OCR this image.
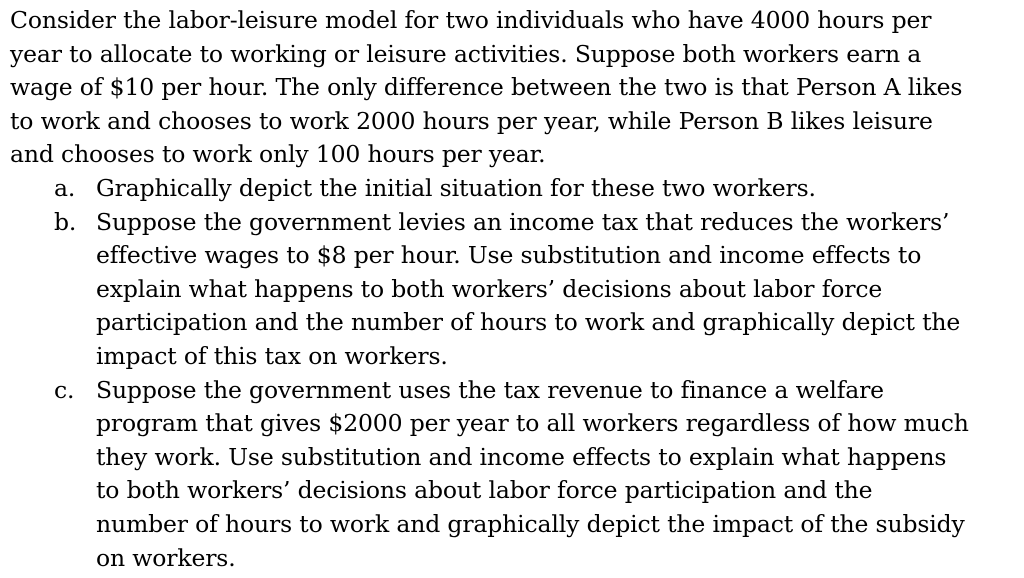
Consider the labor-leisure model for two individuals who have 4000 hours per
year to allocate to working or leisure activities. Suppose both workers earn a
wage of $10 per hour. The only difference between the two is that Person A likes
to work and chooses to work 2000 hours per year, while Person B likes leisure
and chooses to work only 100 hours per year.

a. Graphically depict the initial situation for these two workers.
b. Suppose the government levies an income tax that reduces the workers’
effective wages to $8 per hour. Use substitution and income effects to
explain what happens to both workers’ decisions about labor force
participation and the number of hours to work and graphically depict the
impact of this tax on workers.
c. Suppose the government uses the tax revenue to finance a welfare
program that gives $2000 per year to all workers regardless of how much
they work. Use substitution and income effects to explain what happens
to both workers’ decisions about labor force participation and the
number of hours to work and graphically depict the impact of the subsidy
on workers.
